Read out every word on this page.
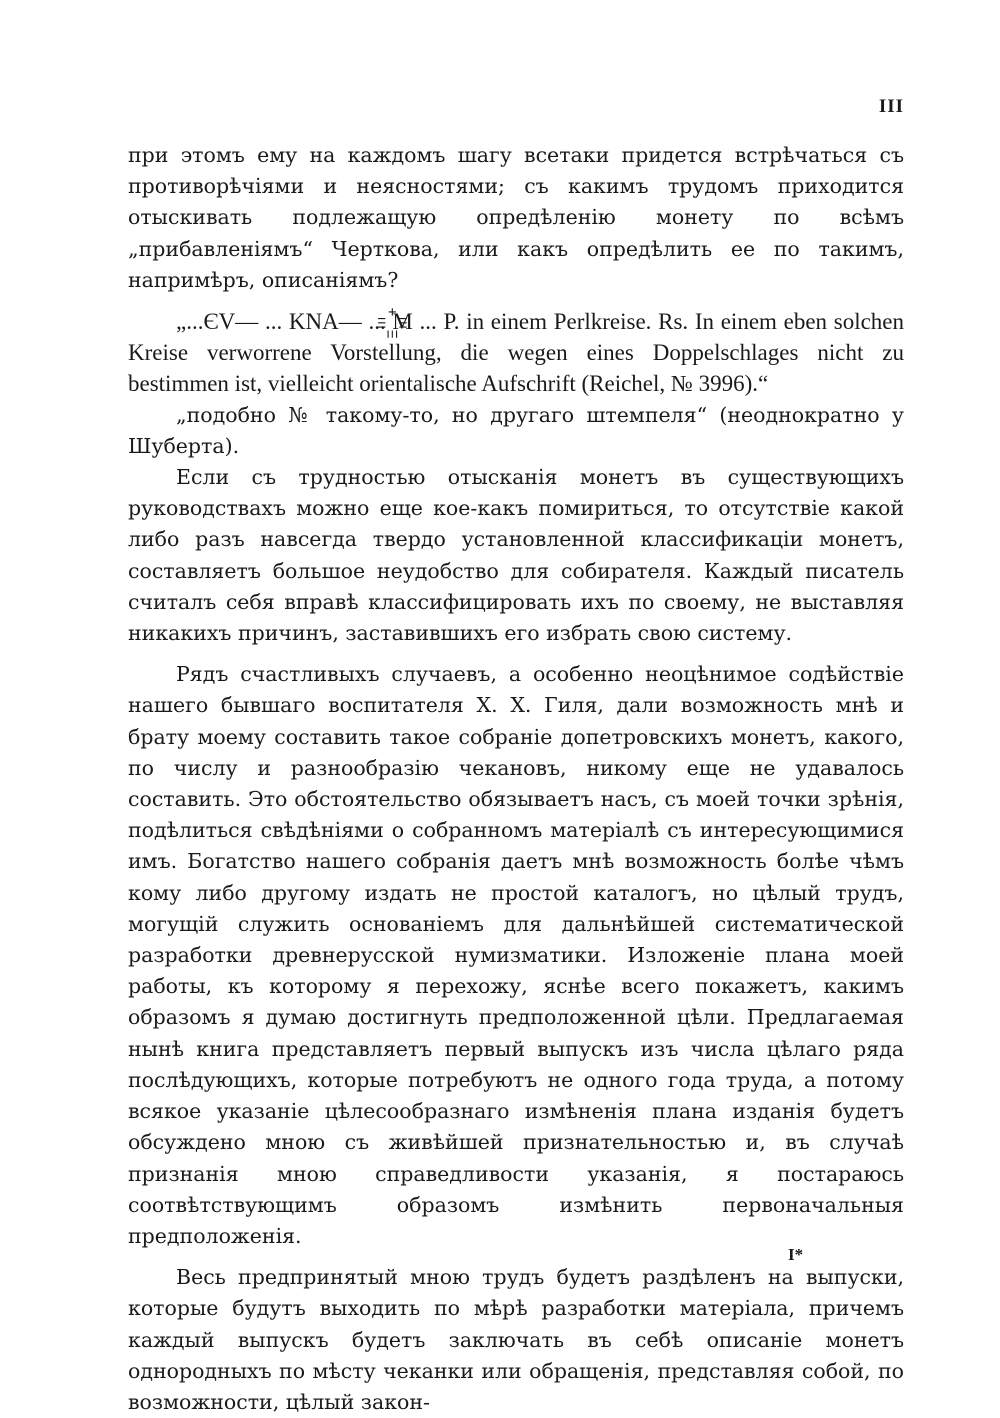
III

при этомъ ему на каждомъ шагу всетаки придется встрѣчаться съ противорѣчіями и неясностями; съ какимъ трудомъ приходится отыскивать подлежащую опредѣленію монету по всѣмъ „прибавленіямъ“ Черткова, или какъ опредѣлить ее по такимъ, напримѣръ, описаніямъ?

„...ЄV— ... KNA— ... ꙲M ... P. in einem Perlkreise. Rs. In einem eben solchen Kreise verworrene Vorstellung, die wegen eines Doppelschlages nicht zu bestimmen ist, vielleicht orientalische Aufschrift (Reichel, № 3996).“

„подобно № такому-то, но другаго штемпеля“ (неоднократно у Шуберта).

Если съ трудностью отысканія монетъ въ существующихъ руководствахъ можно еще кое-какъ помириться, то отсутствіе какой либо разъ навсегда твердо установленной классификаціи монетъ, составляетъ большое неудобство для собирателя. Каждый писатель считалъ себя вправѣ классифицировать ихъ по своему, не выставляя никакихъ причинъ, заставившихъ его избрать свою систему.

Рядъ счастливыхъ случаевъ, а особенно неоцѣнимое содѣйствіе нашего бывшаго воспитателя Х. Х. Гиля, дали возможность мнѣ и брату моему составить такое собраніе допетровскихъ монетъ, какого, по числу и разнообразію чекановъ, никому еще не удавалось составить. Это обстоятельство обязываетъ насъ, съ моей точки зрѣнія, подѣлиться свѣдѣніями о собранномъ матеріалѣ съ интересующимися имъ. Богатство нашего собранія даетъ мнѣ возможность болѣе чѣмъ кому либо другому издать не простой каталогъ, но цѣлый трудъ, могущій служить основаніемъ для дальнѣйшей систематической разработки древнерусской нумизматики. Изложеніе плана моей работы, къ которому я перехожу, яснѣе всего покажетъ, какимъ образомъ я думаю достигнуть предположенной цѣли. Предлагаемая нынѣ книга представляетъ первый выпускъ изъ числа цѣлаго ряда послѣдующихъ, которые потребуютъ не одного года труда, а потому всякое указаніе цѣлесообразнаго измѣненія плана изданія будетъ обсуждено мною съ живѣйшей признательностью и, въ случаѣ признанія мною справедливости указанія, я постараюсь соотвѣтствующимъ образомъ измѣнить первоначальныя предположенія.

Весь предпринятый мною трудъ будетъ раздѣленъ на выпуски, которые будутъ выходить по мѣрѣ разработки матеріала, причемъ каждый выпускъ будетъ заключать въ себѣ описаніе монетъ однородныхъ по мѣсту чеканки или обращенія, представляя собой, по возможности, цѣлый закон-

I*
